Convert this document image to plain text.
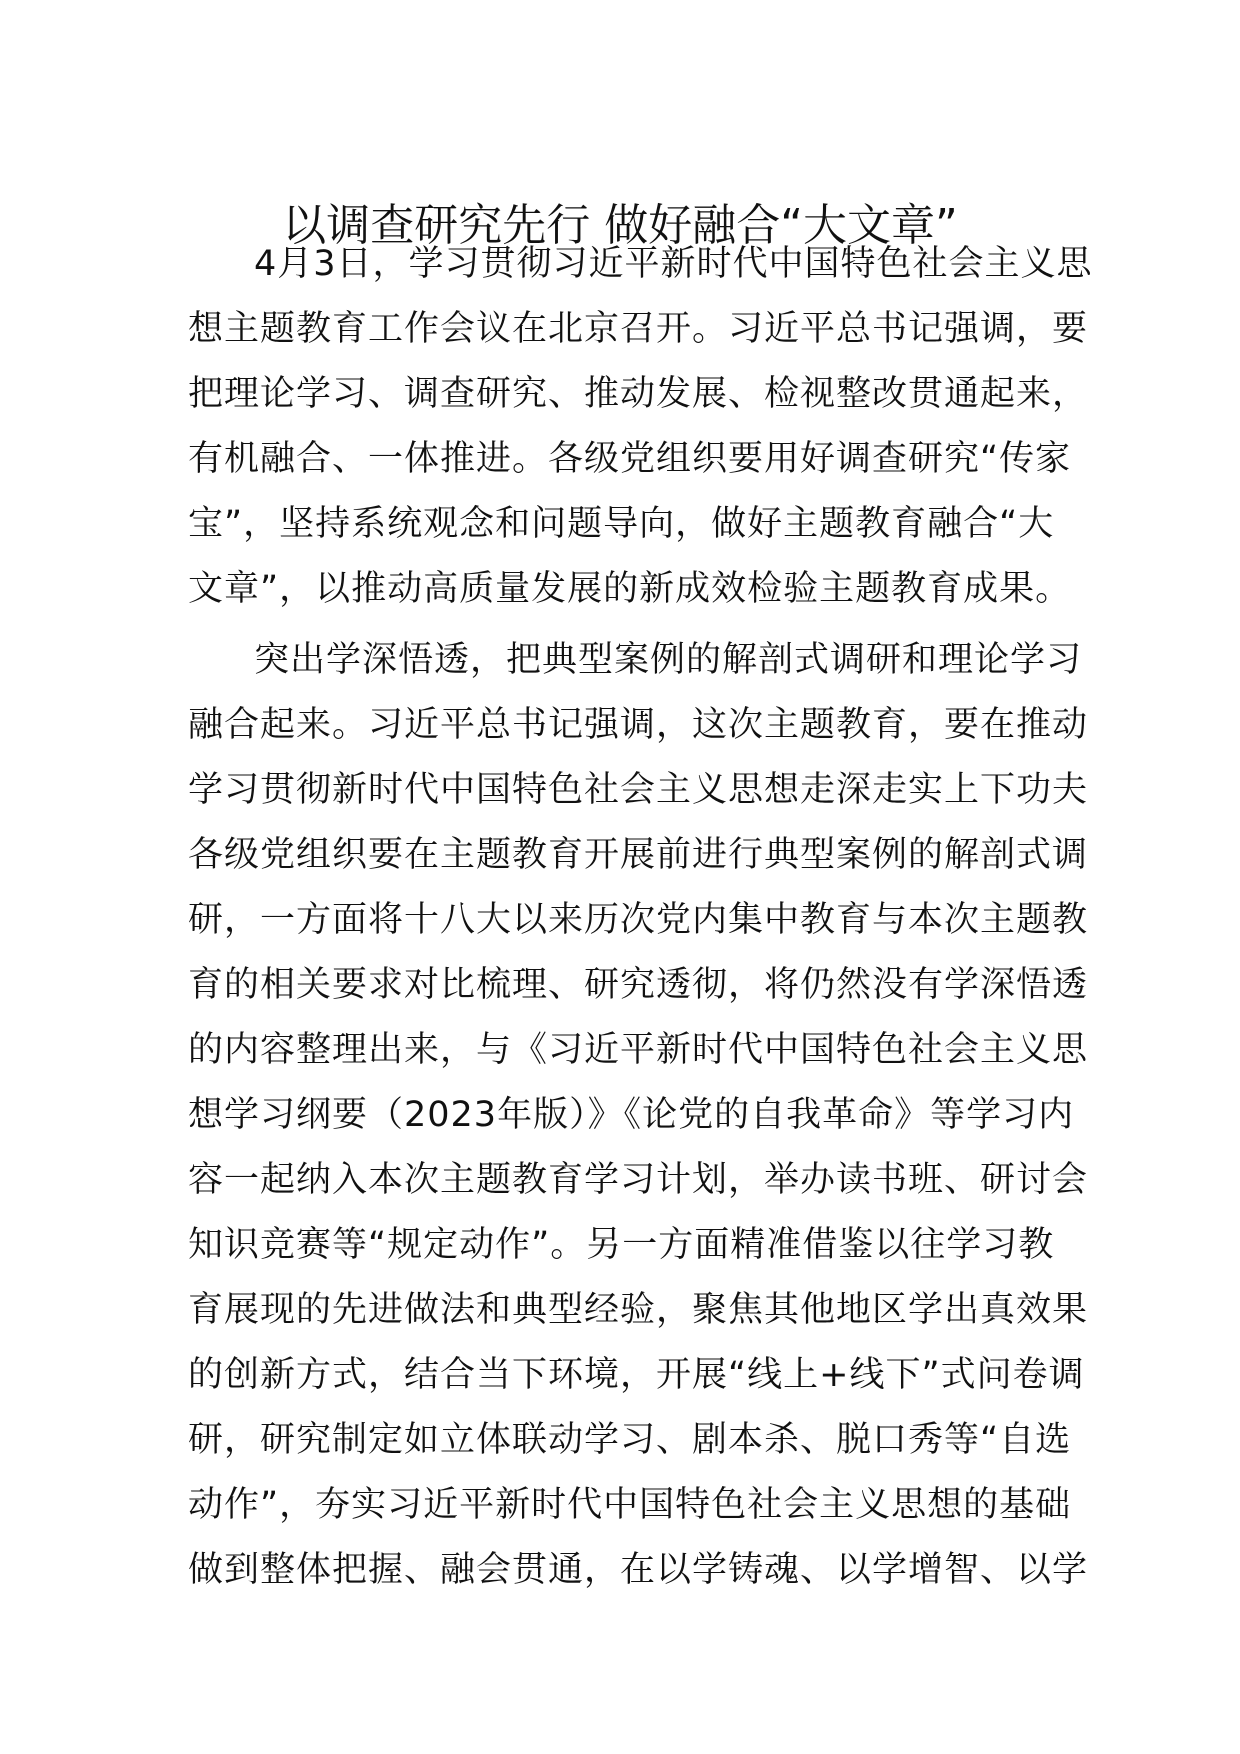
以调查研究先行 做好融合“大文章”
4月3日，学习贯彻习近平新时代中国特色社会主义思
想主题教育工作会议在北京召开。习近平总书记强调，要
把理论学习、调查研究、推动发展、检视整改贯通起来，
有机融合、一体推进。各级党组织要用好调查研究“传家
宝”，坚持系统观念和问题导向，做好主题教育融合“大
文章”，以推动高质量发展的新成效检验主题教育成果。
突出学深悟透，把典型案例的解剖式调研和理论学习
融合起来。习近平总书记强调，这次主题教育，要在推动
学习贯彻新时代中国特色社会主义思想走深走实上下功夫
各级党组织要在主题教育开展前进行典型案例的解剖式调
研，一方面将十八大以来历次党内集中教育与本次主题教
育的相关要求对比梳理、研究透彻，将仍然没有学深悟透
的内容整理出来，与《习近平新时代中国特色社会主义思
想学习纲要（2023年版）》《论党的自我革命》等学习内
容一起纳入本次主题教育学习计划，举办读书班、研讨会
知识竞赛等“规定动作”。另一方面精准借鉴以往学习教
育展现的先进做法和典型经验，聚焦其他地区学出真效果
的创新方式，结合当下环境，开展“线上+线下”式问卷调
研，研究制定如立体联动学习、剧本杀、脱口秀等“自选
动作”，夯实习近平新时代中国特色社会主义思想的基础
做到整体把握、融会贯通，在以学铸魂、以学增智、以学
